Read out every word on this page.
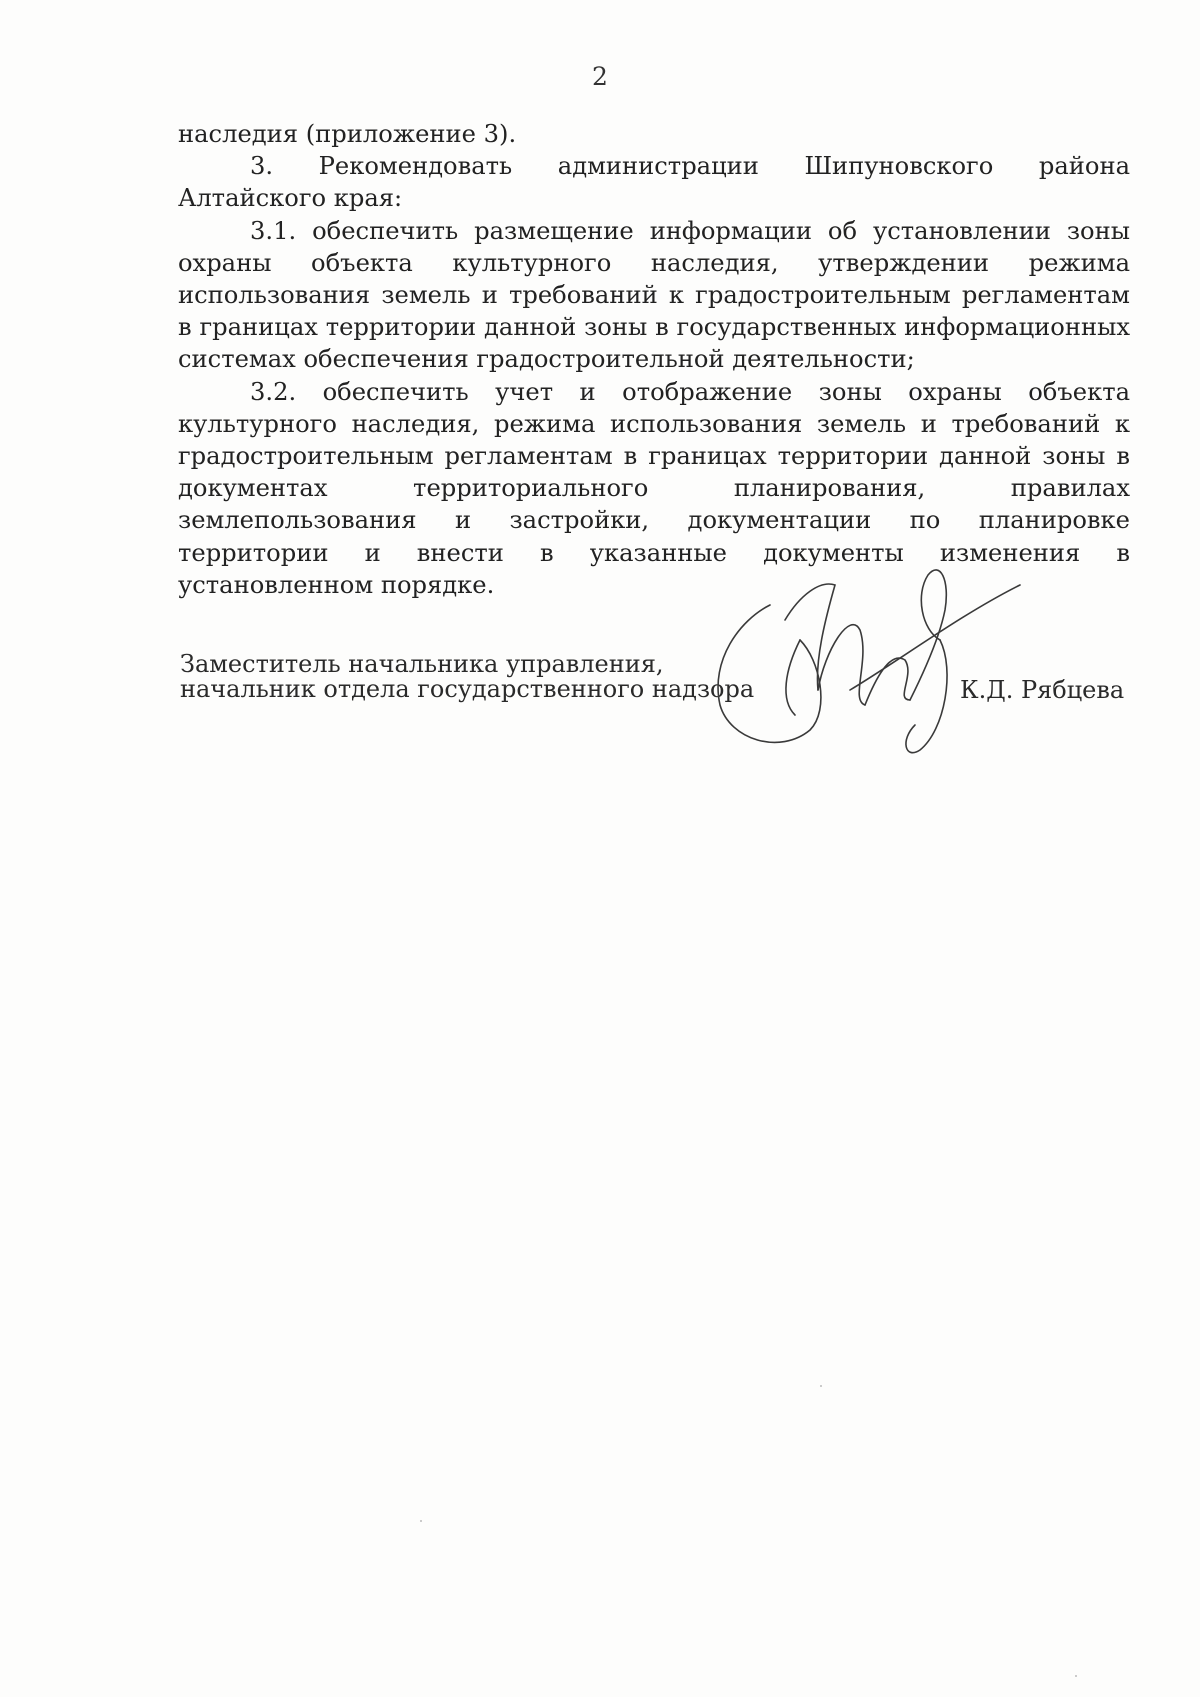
2

наследия (приложение 3).

3. Рекомендовать администрации Шипуновского района Алтайского края:

3.1. обеспечить размещение информации об установлении зоны охраны объекта культурного наследия, утверждении режима использования земель и требований к градостроительным регламентам в границах территории данной зоны в государственных информационных системах обеспечения градостроительной деятельности;

3.2. обеспечить учет и отображение зоны охраны объекта культурного наследия, режима использования земель и требований к градостроительным регламентам в границах территории данной зоны в документах территориального планирования, правилах землепользования и застройки, документации по планировке территории и внести в указанные документы изменения в установленном порядке.

Заместитель начальника управления,
начальник отдела государственного надзора	К.Д. Рябцева
